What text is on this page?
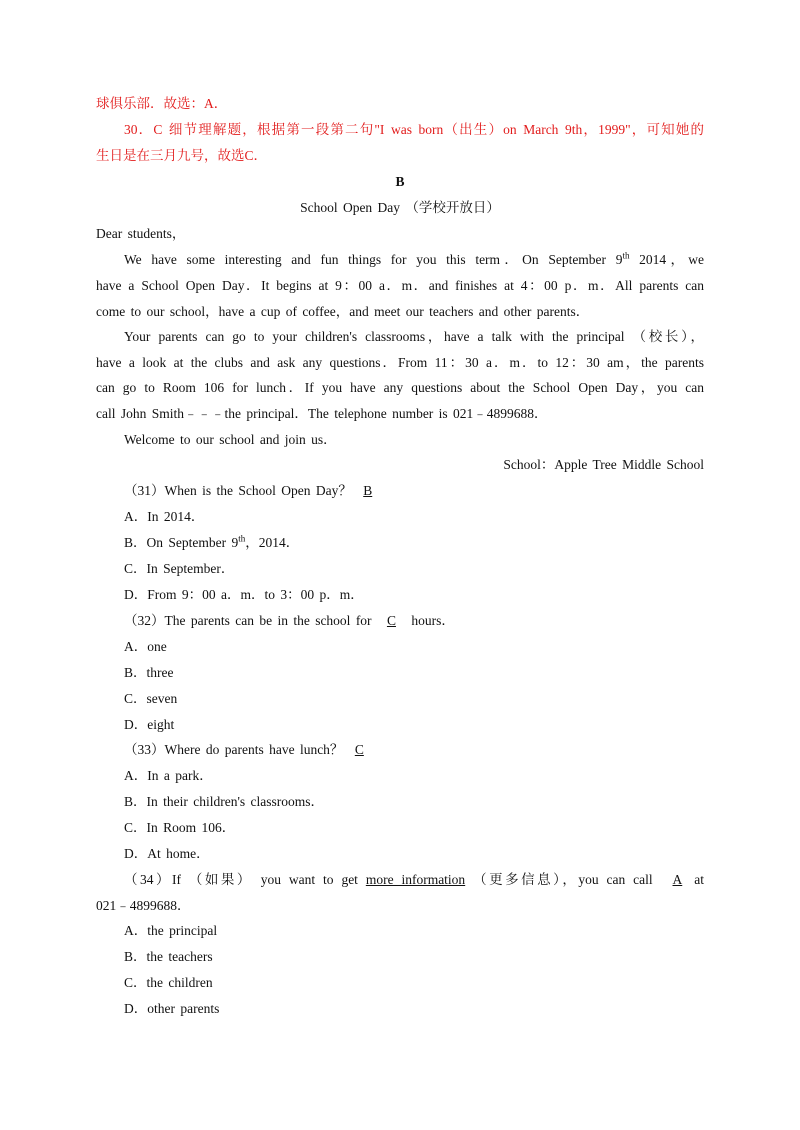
球俱乐部．故选：A．
30．C 细节理解题，根据第一段第二句"I was born（出生）on March 9th，1999"，可知她的
生日是在三月九号，故选C．
B
School Open Day （学校开放日）
Dear students，
We have some interesting and fun things for you this term．On September 9th 2014，we
have a School Open Day．It begins at 9：00 a．m．and finishes at 4：00 p．m．All parents can
come to our school，have a cup of coffee，and meet our teachers and other parents．
Your parents can go to your children's classrooms，have a talk with the principal （校长），
have a look at the clubs and ask any questions．From 11：30 a．m．to 12：30 am，the parents
can go to Room 106 for lunch．If you have any questions about the School Open Day，you can
call John Smith﹣﹣﹣the principal．The telephone number is 021﹣4899688．
Welcome to our school and join us．
School：Apple Tree Middle School
（31）When is the School Open Day？ B
A．In 2014．
B．On September 9th，2014．
C．In September．
D．From 9：00 a．m．to 3：00 p．m．
（32）The parents can be in the school for C hours．
A．one
B．three
C．seven
D．eight
（33）Where do parents have lunch？ C
A．In a park．
B．In their children's classrooms．
C．In Room 106．
D．At home．
（34）If （如果） you want to get more information （更多信息），you can call A at
021﹣4899688．
A．the principal
B．the teachers
C．the children
D．other parents
